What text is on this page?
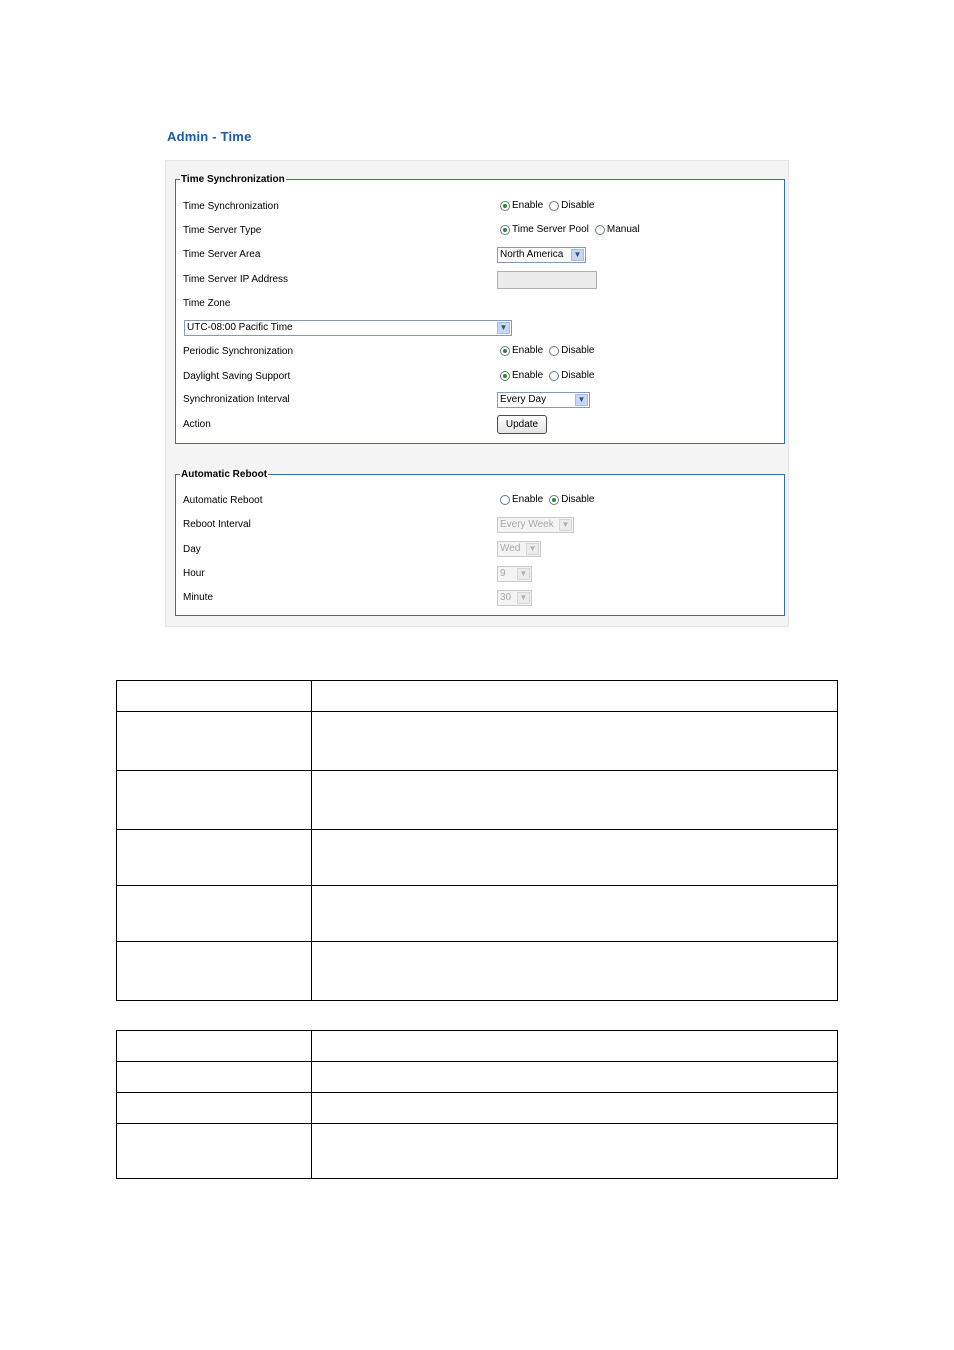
Admin - Time
Time Synchronization
Time Synchronization	Enable Disable
Time Server Type	Time Server Pool Manual
Time Server Area	North America	▼
Time Server IP Address
Time Zone
UTC-08:00 Pacific Time	▼
Periodic Synchronization	Enable Disable
Daylight Saving Support	Enable Disable
Synchronization Interval	Every Day	▼
Action	Update
Automatic Reboot
Automatic Reboot	Enable Disable
Reboot Interval	Every Week ▼
Day	Wed	▼
Hour	9	▼
Minute	30	▼
